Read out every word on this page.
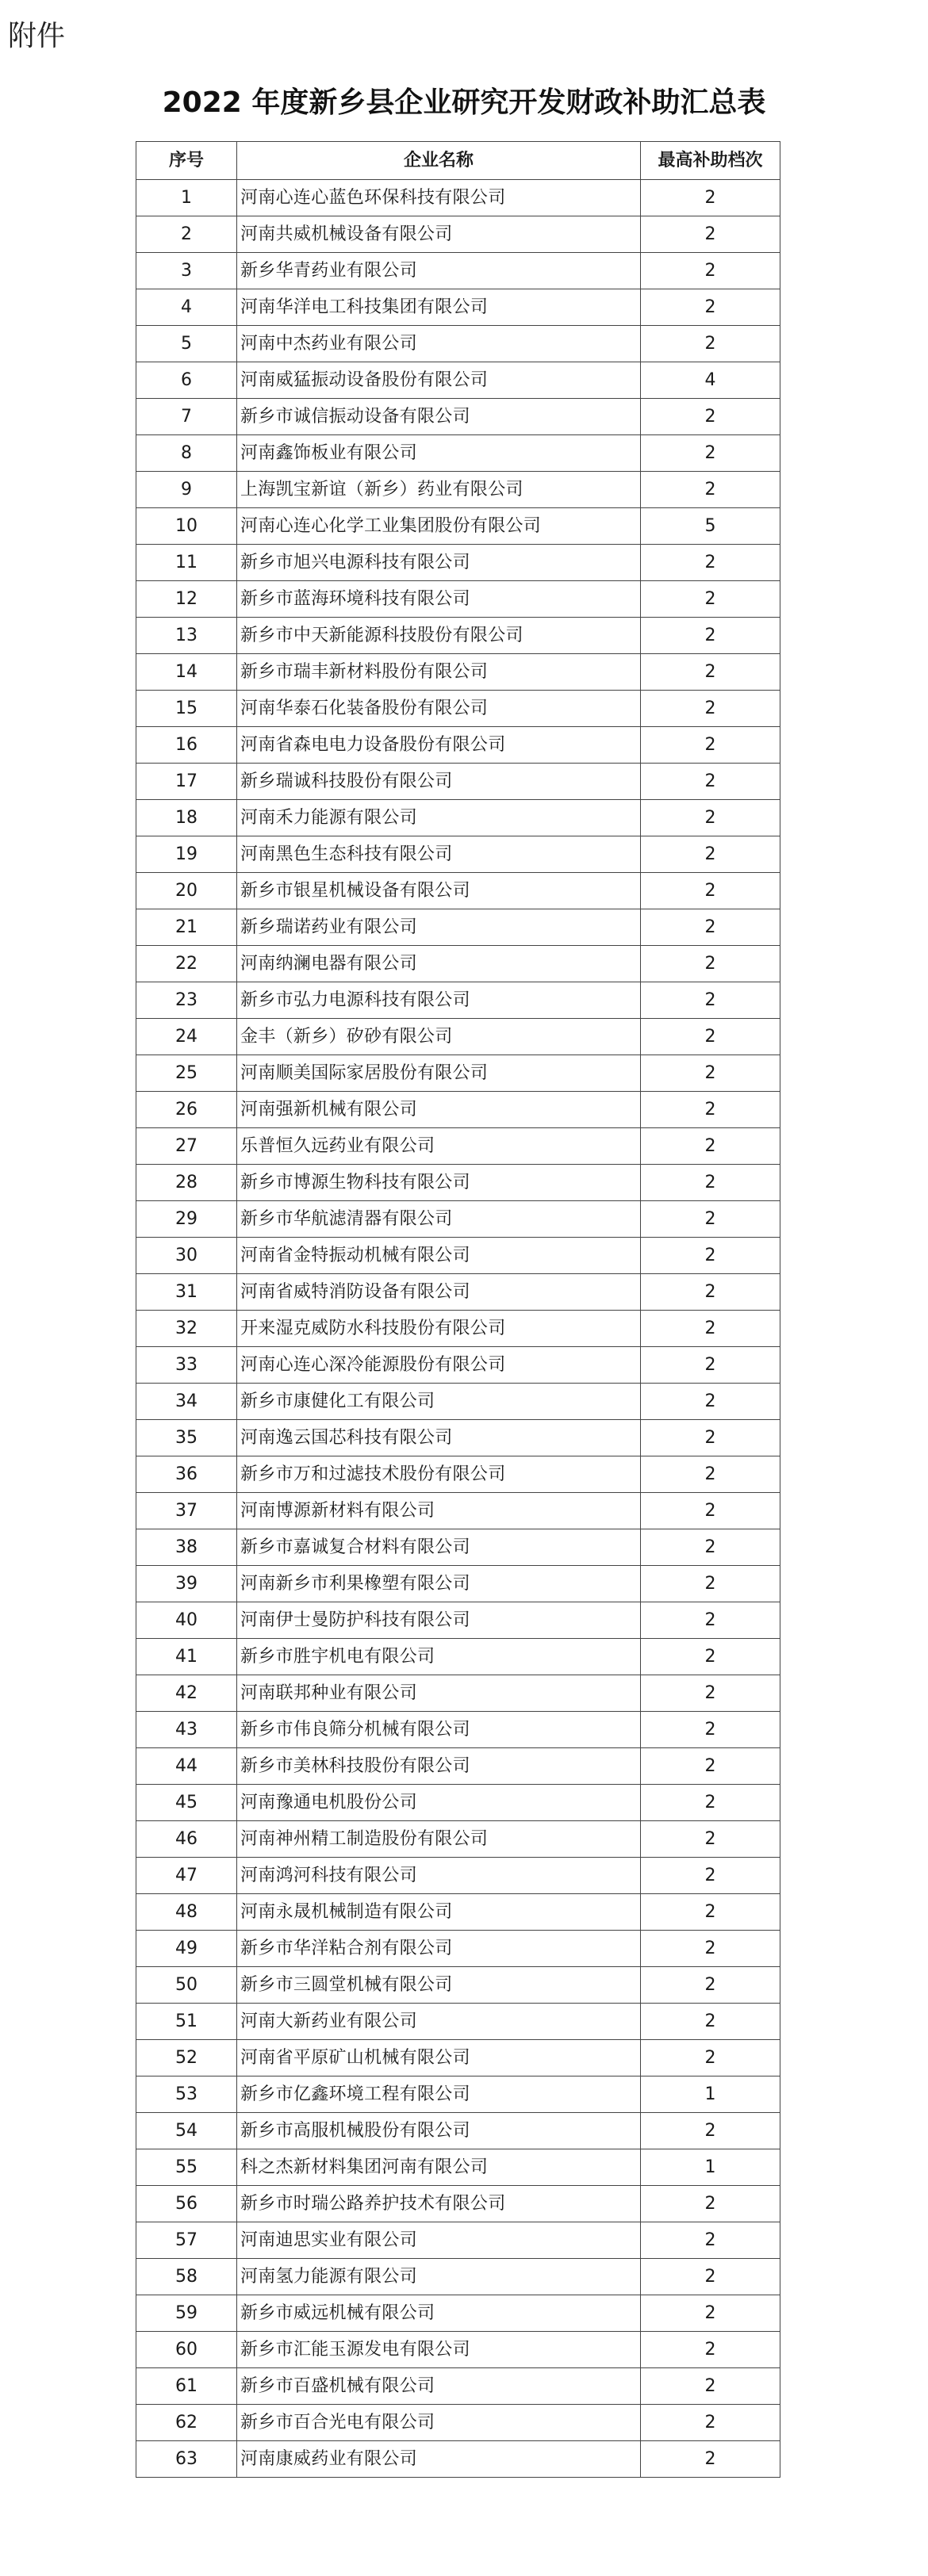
附件
2022 年度新乡县企业研究开发财政补助汇总表
序号	企业名称	最高补助档次
1	河南心连心蓝色环保科技有限公司	2
2	河南共威机械设备有限公司	2
3	新乡华青药业有限公司	2
4	河南华洋电工科技集团有限公司	2
5	河南中杰药业有限公司	2
6	河南威猛振动设备股份有限公司	4
7	新乡市诚信振动设备有限公司	2
8	河南鑫饰板业有限公司	2
9	上海凯宝新谊（新乡）药业有限公司	2
10	河南心连心化学工业集团股份有限公司	5
11	新乡市旭兴电源科技有限公司	2
12	新乡市蓝海环境科技有限公司	2
13	新乡市中天新能源科技股份有限公司	2
14	新乡市瑞丰新材料股份有限公司	2
15	河南华泰石化装备股份有限公司	2
16	河南省森电电力设备股份有限公司	2
17	新乡瑞诚科技股份有限公司	2
18	河南禾力能源有限公司	2
19	河南黑色生态科技有限公司	2
20	新乡市银星机械设备有限公司	2
21	新乡瑞诺药业有限公司	2
22	河南纳澜电器有限公司	2
23	新乡市弘力电源科技有限公司	2
24	金丰（新乡）矽砂有限公司	2
25	河南顺美国际家居股份有限公司	2
26	河南强新机械有限公司	2
27	乐普恒久远药业有限公司	2
28	新乡市博源生物科技有限公司	2
29	新乡市华航滤清器有限公司	2
30	河南省金特振动机械有限公司	2
31	河南省威特消防设备有限公司	2
32	开来湿克威防水科技股份有限公司	2
33	河南心连心深冷能源股份有限公司	2
34	新乡市康健化工有限公司	2
35	河南逸云国芯科技有限公司	2
36	新乡市万和过滤技术股份有限公司	2
37	河南博源新材料有限公司	2
38	新乡市嘉诚复合材料有限公司	2
39	河南新乡市利果橡塑有限公司	2
40	河南伊士曼防护科技有限公司	2
41	新乡市胜宇机电有限公司	2
42	河南联邦种业有限公司	2
43	新乡市伟良筛分机械有限公司	2
44	新乡市美林科技股份有限公司	2
45	河南豫通电机股份公司	2
46	河南神州精工制造股份有限公司	2
47	河南鸿河科技有限公司	2
48	河南永晟机械制造有限公司	2
49	新乡市华洋粘合剂有限公司	2
50	新乡市三圆堂机械有限公司	2
51	河南大新药业有限公司	2
52	河南省平原矿山机械有限公司	2
53	新乡市亿鑫环境工程有限公司	1
54	新乡市高服机械股份有限公司	2
55	科之杰新材料集团河南有限公司	1
56	新乡市时瑞公路养护技术有限公司	2
57	河南迪思实业有限公司	2
58	河南氢力能源有限公司	2
59	新乡市威远机械有限公司	2
60	新乡市汇能玉源发电有限公司	2
61	新乡市百盛机械有限公司	2
62	新乡市百合光电有限公司	2
63	河南康威药业有限公司	2
